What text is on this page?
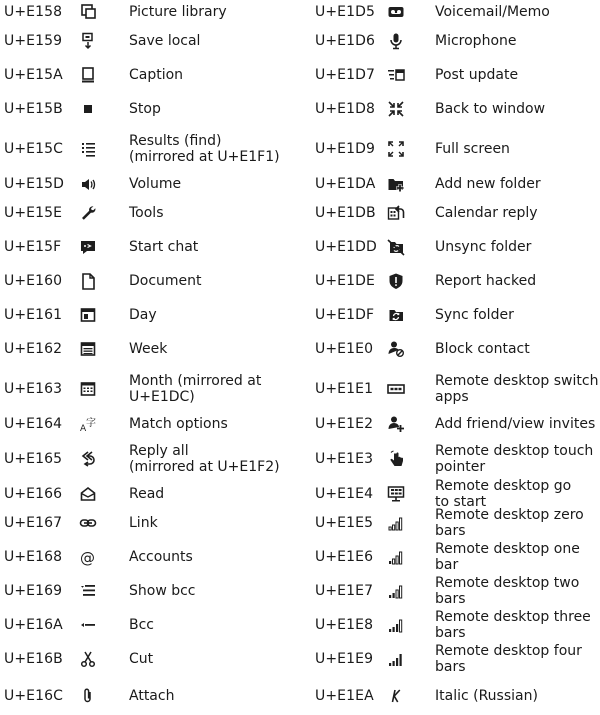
U+E158	Picture library
U+E159	Save local
U+E15A	Caption
U+E15B	Stop
U+E15C	Results (find)
(mirrored at U+E1F1)
U+E15D	Volume
U+E15E	Tools
U+E15F	Start chat
U+E160	Document
U+E161	Day
U+E162	Week
U+E163	Month (mirrored at
U+E1DC)
U+E164 A 字 Match options
U+E165	Reply all
(mirrored at U+E1F2)
U+E166	Read
U+E167	Link
U+E168 @ Accounts
U+E169	Show bcc
U+E16A	Bcc
U+E16B	Cut
U+E16C	Attach
U+E1D5	Voicemail/Memo
U+E1D6	Microphone
U+E1D7	Post update
U+E1D8	Back to window
U+E1D9	Full screen
U+E1DA	Add new folder
U+E1DB	Calendar reply
U+E1DD	Unsync folder
U+E1DE	Report hacked
U+E1DF	Sync folder
U+E1E0	Block contact
U+E1E1	Remote desktop switch
apps
U+E1E2	Add friend/view invites
U+E1E3	Remote desktop touch
pointer
U+E1E4	Remote desktop go
to start
U+E1E5	Remote desktop zero
bars
U+E1E6	Remote desktop one bar
U+E1E7	Remote desktop two bars
U+E1E8	Remote desktop three
bars
U+E1E9	Remote desktop four bars
U+E1EA	Italic (Russian)
